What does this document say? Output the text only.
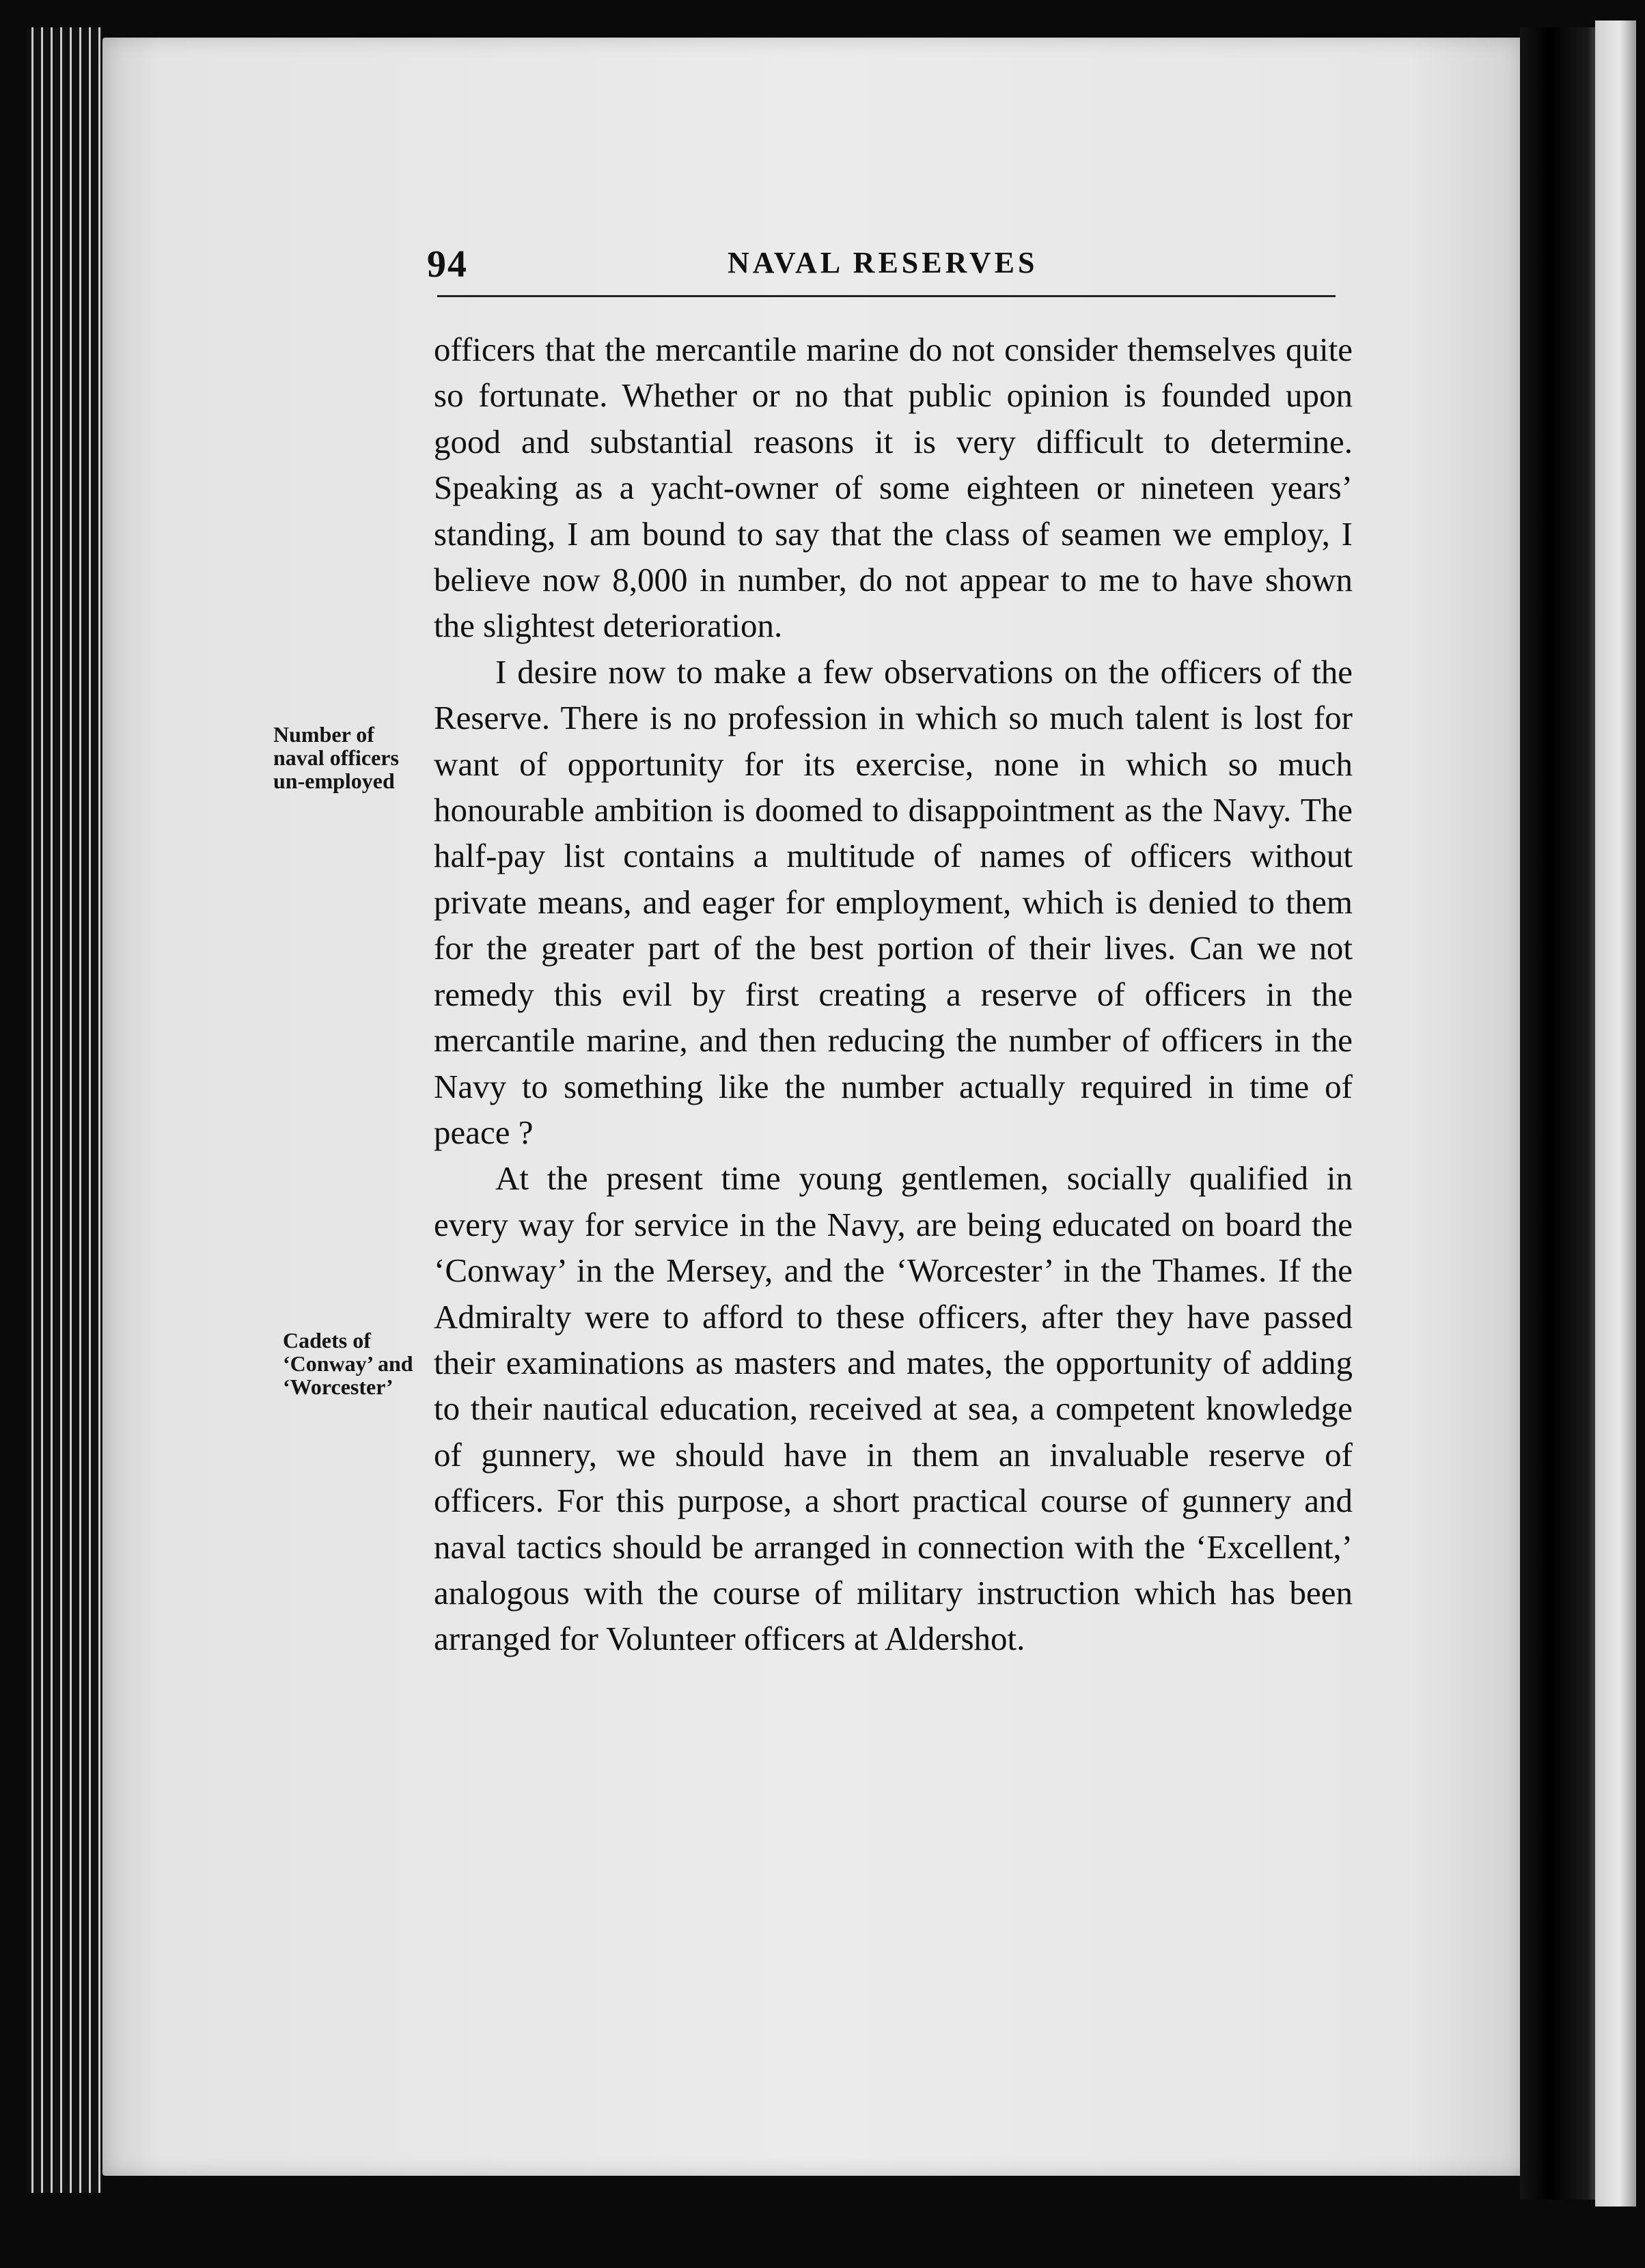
94	NAVAL RESERVES
Number of naval officers un-employed
Cadets of ‘Conway’ and ‘Worcester’

officers that the mercantile marine do not consider themselves quite so fortunate. Whether or no that public opinion is founded upon good and substantial reasons it is very difficult to determine. Speaking as a yacht-owner of some eighteen or nineteen years’ standing, I am bound to say that the class of seamen we employ, I believe now 8,000 in number, do not appear to me to have shown the slightest deterioration.

I desire now to make a few observations on the officers of the Reserve. There is no profession in which so much talent is lost for want of opportunity for its exercise, none in which so much honourable ambition is doomed to disappointment as the Navy. The half-pay list contains a multitude of names of officers without private means, and eager for employment, which is denied to them for the greater part of the best portion of their lives. Can we not remedy this evil by first creating a reserve of officers in the mercantile marine, and then reducing the number of officers in the Navy to something like the number actually required in time of peace ?

At the present time young gentlemen, socially qualified in every way for service in the Navy, are being educated on board the ‘Conway’ in the Mersey, and the ‘Worcester’ in the Thames. If the Admiralty were to afford to these officers, after they have passed their examinations as masters and mates, the opportunity of adding to their nautical education, received at sea, a competent knowledge of gunnery, we should have in them an invaluable reserve of officers. For this purpose, a short practical course of gunnery and naval tactics should be arranged in connection with the ‘Excellent,’ analogous with the course of military instruction which has been arranged for Volunteer officers at Aldershot.
